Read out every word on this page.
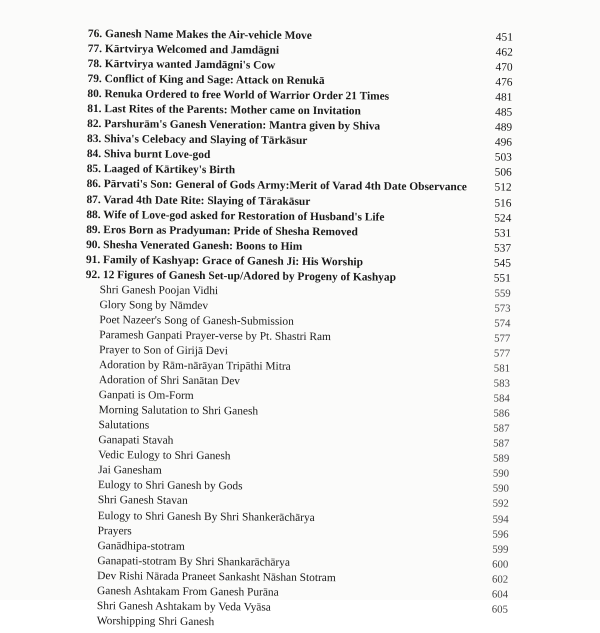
76. Ganesh Name Makes the Air-vehicle Move	451
77. Kārtvirya Welcomed and Jamdāgni	462
78. Kārtvirya wanted Jamdāgni's Cow	470
79. Conflict of King and Sage: Attack on Renukā	476
80. Renuka Ordered to free World of Warrior Order 21 Times	481
81. Last Rites of the Parents: Mother came on Invitation	485
82. Parshurām's Ganesh Veneration: Mantra given by Shiva	489
83. Shiva's Celebacy and Slaying of Tārkāsur	496
84. Shiva burnt Love-god	503
85. Laaged of Kārtikey's Birth	506
86. Pārvati's Son: General of Gods Army:Merit of Varad 4th Date Observance	512
87. Varad 4th Date Rite: Slaying of Tārakāsur	516
88. Wife of Love-god asked for Restoration of Husband's Life	524
89. Eros Born as Pradyuman: Pride of Shesha Removed	531
90. Shesha Venerated Ganesh: Boons to Him	537
91. Family of Kashyap: Grace of Ganesh Ji: His Worship	545
92. 12 Figures of Ganesh Set-up/Adored by Progeny of Kashyap	551
Shri Ganesh Poojan Vidhi	559
Glory Song by Nāmdev	573
Poet Nazeer's Song of Ganesh-Submission	574
Paramesh Ganpati Prayer-verse by Pt. Shastri Ram	577
Prayer to Son of Girijā Devi	577
Adoration by Rām-nārāyan Tripāthi Mitra	581
Adoration of Shri Sanātan Dev	583
Ganpati is Om-Form	584
Morning Salutation to Shri Ganesh	586
Salutations	587
Ganapati Stavah	587
Vedic Eulogy to Shri Ganesh	589
Jai Ganesham	590
Eulogy to Shri Ganesh by Gods	590
Shri Ganesh Stavan	592
Eulogy to Shri Ganesh By Shri Shankerāchārya	594
Prayers	596
Ganādhipa-stotram	599
Ganapati-stotram By Shri Shankarāchārya	600
Dev Rishi Nārada Praneet Sankasht Nāshan Stotram	602
Ganesh Ashtakam From Ganesh Purāna	604
Shri Ganesh Ashtakam by Veda Vyāsa	605
Worshipping Shri Ganesh
